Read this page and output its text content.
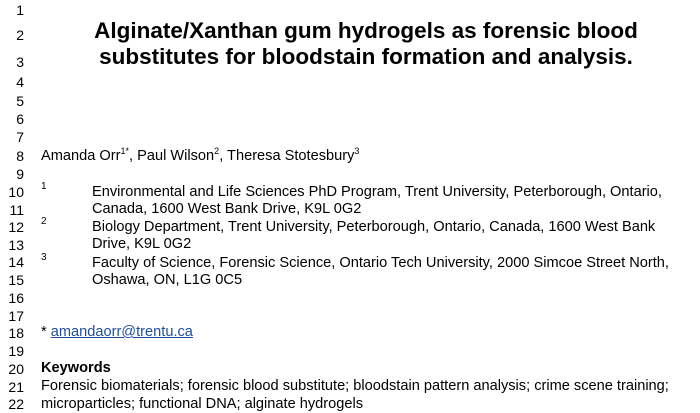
1
2
3
4
5
6
7
8
9
10
11
12
13
14
15
16
17
18
19
20
21
22
Alginate/Xanthan gum hydrogels as forensic blood
substitutes for bloodstain formation and analysis.

Amanda Orr$^{1*}$, Paul Wilson$^2$, Theresa Stotesbury$^3$

1	Environmental and Life Sciences PhD Program, Trent University, Peterborough, Ontario,

Canada, 1600 West Bank Drive, K9L 0G2

2	Biology Department, Trent University, Peterborough, Ontario, Canada, 1600 West Bank

Drive, K9L 0G2

3	Faculty of Science, Forensic Science, Ontario Tech University, 2000 Simcoe Street North,

Oshawa, ON, L1G 0C5

* amandaorr@trentu.ca

Keywords

Forensic biomaterials; forensic blood substitute; bloodstain pattern analysis; crime scene training;

microparticles; functional DNA; alginate hydrogels
